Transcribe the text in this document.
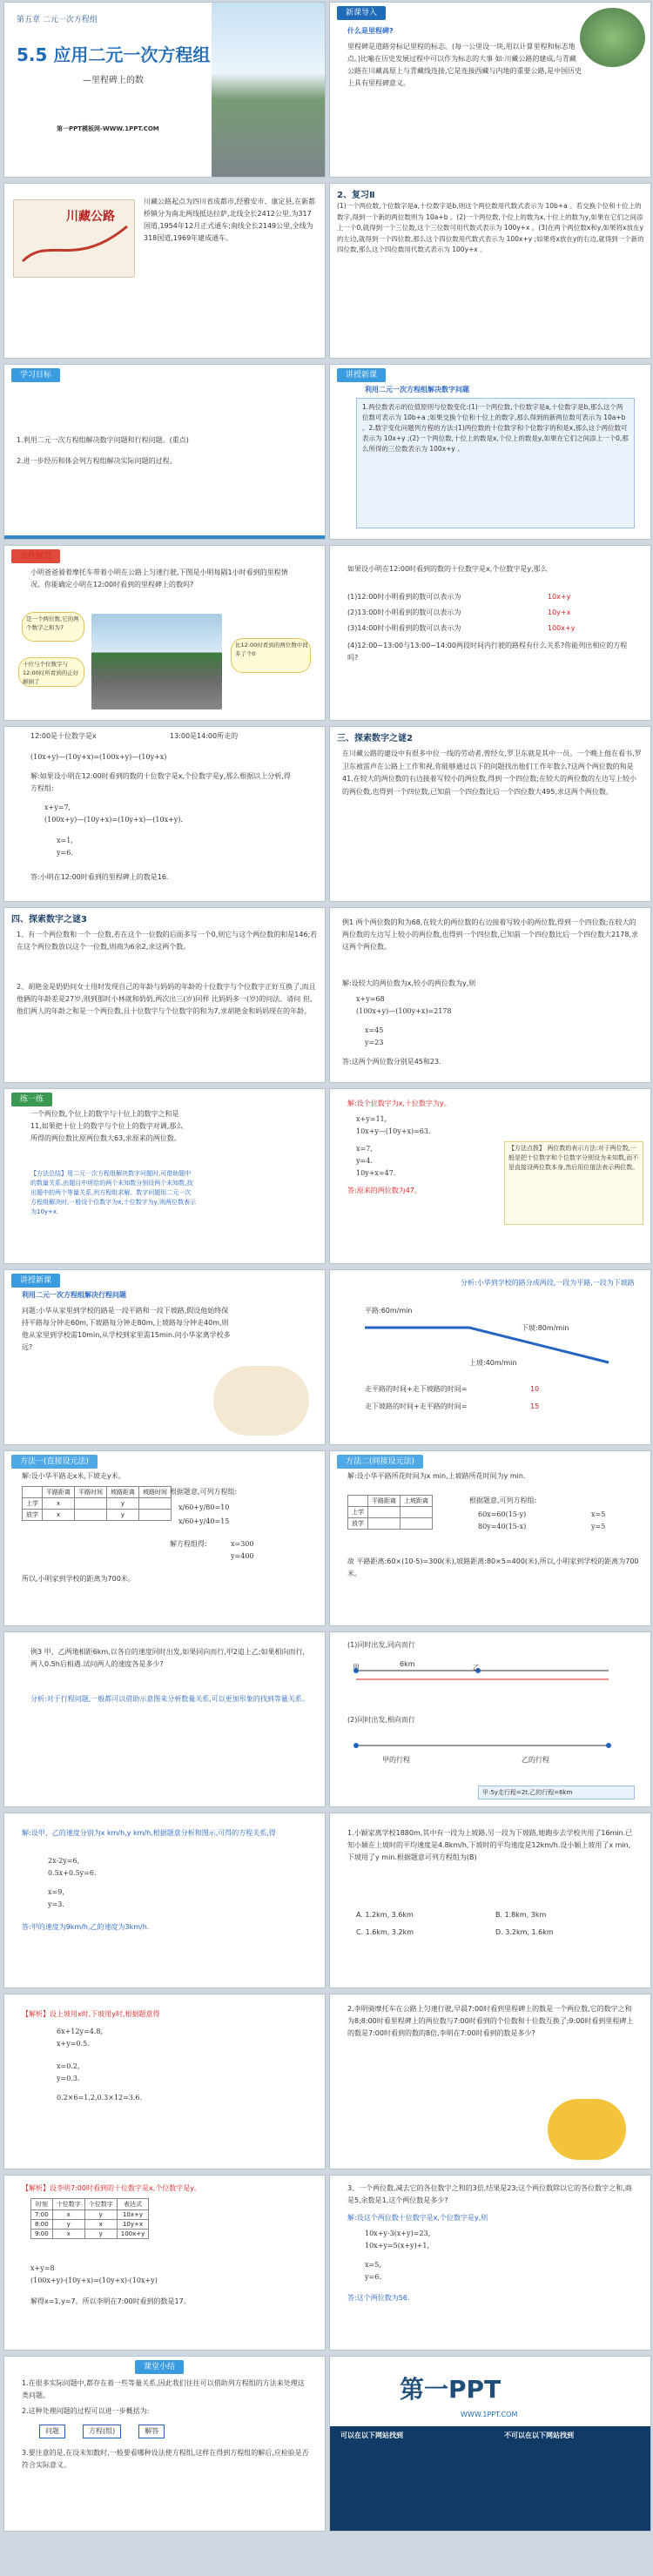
第五章 二元一次方程组
5.5 应用二元一次方程组
—里程碑上的数
第一PPT模板网-WWW.1PPT.COM
新课导入
什么是里程碑?
里程碑是道路旁标记里程的标志。(每一公里设一块,用以计算里程和标志地点。)比喻在历史发展过程中可以作为标志的大事 如:川藏公路的建成,与青藏公路在川藏高原上与青藏线连接,它是连接西藏与内地的重要公路,是中国历史上具有里程碑意义。
川藏公路
川藏公路起点为四川省成都市,经雅安市、康定县,在新都桥镇分为南北两线抵达拉萨,北线全长2412公里,为317国道,1954年12月正式通车;南线全长2149公里,全线为318国道,1969年建成通车。
2、复习Ⅱ
(1)一个两位数,个位数字是a,十位数字是b,则这个两位数用代数式表示为 10b+a 。若交换个位和十位上的数字,得到一个新的两位数则为 10a+b 。(2)一个两位数,个位上的数为x,十位上的数为y,如果在它们之间添上一个0,就得到一个三位数,这个三位数可用代数式表示为 100y+x 。(3)在两个两位数x和y,如果将x放在y的左边,就得到一个四位数,那么这个四位数用代数式表示为 100x+y ;如果将x放在y的右边,就得到一个新的四位数,那么这个四位数用代数式表示为 100y+x 。
学习目标
1.利用二元一次方程组解决数字问题和行程问题。(重点)
2.进一步经历和体会列方程组解决实际问题的过程。
讲授新课
利用二元一次方程组解决数字问题
1.两位数表示的位值原则与位数变化:(1)一个两位数,个位数字是a,十位数字是b,那么这个两位数可表示为 10b+a ;如果交换个位和十位上的数字,那么得到的新两位数可表示为 10a+b 。2.数字变化问题列方程的方法:(1)两位数的十位数字和个位数字的和是x,那么这个两位数可表示为 10x+y ;(2)一个两位数,十位上的数是x,个位上的数是y,如果在它们之间添上一个0,那么所得的三位数表示为 100x+y 。
合作探究
小明爸爸骑着摩托车带着小明在公路上匀速行驶,下图是小明每隔1小时看到的里程情况。你能确定小明在12:00时看到的里程碑上的数吗?
是一个两位数,它的两个数字之和为7
十位与个位数字与12:00时所看到的正好颠倒了
比12:00时看到的两位数中间多了个0
如果设小明在12:00时看到的数的十位数字是x,个位数字是y,那么
(1)12:00时小明看到的数可以表示为	10x+y
(2)13:00时小明看到的数可以表示为	10y+x
(3)14:00时小明看到的数可以表示为	100x+y
(4)12:00~13:00与13:00~14:00两段时间内行驶的路程有什么关系?你能列出相应的方程吗?
12:00是十位数字是x	13:00是14:00所走的
(10x+y)—(10y+x)=(100x+y)—(10y+x)
解:如果设小明在12:00时看到的数的十位数字是x,个位数字是y,那么根据以上分析,得方程组:
x+y=7,
(100x+y)—(10y+x)=(10y+x)—(10x+y).
x=1,
y=6.
答:小明在12:00时看到的里程碑上的数是16.
三、探索数字之谜2
在川藏公路的建设中有很多中位一线的劳动者,曾经女,罗卫东就是其中一员。一个晚上他在看书,罗卫东被雷声在公路上工作和视,你能够通过以下的问题找出他们工作年数么?这两个两位数的和是41,在较大的两位数的右边接着写较小的两位数,得到一个四位数;在较大的两位数的左边写上较小的两位数,也得到一个四位数,已知前一个四位数比后一个四位数大495,求这两个两位数。
四、探索数字之谜3
1、有一个两位数和一个一位数,若在这个一位数的后面多写一个0,则它与这个两位数的和是146;若在这个两位数放以这个一位数,则商为6余2,求这两个数。
2、胡艳金是奶奶问女士用时发现自己的年龄与妈妈的年龄的十位数字与个位数字正好互换了,而且他俩的年龄差是27岁,则到那时小林就和奶奶,两次出三(岁)同样 比妈妈多一(岁)的问法。请问 但,他们两人的年龄之和是一个两位数,且十位数字与个位数字的和为7,求胡艳金和妈妈现在的年龄。
例1 两个两位数的和为68,在较大的两位数的右边接着写较小的两位数,得到一个四位数;在较大的两位数的左边写上较小的两位数,也得到一个四位数,已知前一个四位数比后一个四位数大2178,求这两个两位数。
解:设较大的两位数为x,较小的两位数为y,则
x+y=68
(100x+y)—(100y+x)=2178
x=45
y=23
答:这两个两位数分别是45和23.
练一练
一个两位数,个位上的数字与十位上的数字之和是11,如果把十位上的数字与个位上的数字对调,那么所得的两位数比原两位数大63,求原来的两位数。
【方法总结】用二元一次方程组解决数字问题时,可借助题中的数量关系,由题目中所给的两个未知数分别设两个未知数,找出题中的两个等量关系,列方程组求解。数字问题用二元一次方程组解决时,一般设个位数字为x,十位数字为y,则两位数表示为10y+x.
解:设个位数字为x,十位数字为y。
x+y=11,
10x+y—(10y+x)=63.
x=7,
y=4.
10y+x=47.
答:原来的两位数为47。
【方法点拨】 两位数的表示方法:对于两位数,一般是把十位数字和个位数字分别设为未知数,而不是直接设两位数本身,然后用位值法表示两位数。
讲授新课
利用二元一次方程组解决行程问题
问题:小华从家里到学校的路是一段平路和一段下坡路,假设他始终保持平路每分钟走60m,下坡路每分钟走80m,上坡路每分钟走40m,则他从家里到学校需10min,从学校到家里需15min.问小华家离学校多远?
分析:小华到学校的路分成两段,一段为平路,一段为下坡路
平路:60m/min
下坡:80m/min
上坡:40m/min
走平路的时间+走下坡路的时间=	10
走下坡路的时间+走平路的时间=	15
方法一(直接设元法)
解:设小华平路走x米,下坡走y米。
	平路距离	平路时间	坡路距离	坡路时间
上学	x		y	
放学	x		y	
根据题意,可列方程组:
x/60+y/80=10
x/60+y/40=15
解方程组得:	x=300
y=400
所以,小明家到学校的距离为700米。
方法二(间接设元法)
解:设小华平路所花时间为x min,上坡路所花时间为y min.
	平路距离	上坡距离
上学		
放学		
根据题意,可列方程组:
60x=60(15-y)
80y=40(15-x)
x=5
y=5
故 平路距离:60×(10-5)=300(米),坡路距离:80×5=400(米),所以,小明家到学校的距离为700米。
例3 甲、乙两地相距6km,以各自的速度同时出发,如果同向而行,甲2追上乙;如果相向而行,两人0.5h后相遇.试问两人的速度各是多少?
分析:对于行程问题,一般都可以借助示意图来分析数量关系,可以更加形象的找到等量关系。
(1)同时出发,同向而行
甲	乙
6km
(2)同时出发,相向而行
甲的行程	乙的行程
甲:5y走行程=2t,乙的行程=6km
解:设甲、乙的速度分别为x km/h,y km/h,根据题意分析和图示,可得的方程关系,得
2x-2y=6,
0.5x+0.5y=6.
x=9,
y=3.
答:甲的速度为9km/h,乙的速度为3km/h.
1.小颖家离学校1880m,其中有一段为上坡路,另一段为下坡路,她跑步去学校共用了16min.已知小颖在上坡时的平均速度是4.8km/h,下坡时的平均速度是12km/h.设小颖上坡用了x min,下坡用了y min.根据题意可列方程组为(B)
A. 1.2km, 3.6km	B. 1.8km, 3km
C. 1.6km, 3.2km	D. 3.2km, 1.6km
【解析】设上坡用x时,下坡用y时,根据题意得
6x+12y=4.8,
x+y=0.5.
x=0.2,
y=0.3.
0.2×6=1.2,0.3×12=3.6.
2.李明骑摩托车在公路上匀速行驶,早晨7:00时看到里程碑上的数是一个两位数,它的数字之和为8;8:00时看里程碑上的两位数与7:00时看到的个位数和十位数互换了;9:00时看到里程碑上的数是7:00时看到的数的8倍,李明在7:00时看到的数是多少?
【解析】设李明7:00时看到的十位数字是x,个位数字是y。
时刻	十位数字	个位数字	表达式
7:00	x	y	10x+y
8:00	y	x	10y+x
9:00	x	y	100x+y
x+y=8
(100x+y)-(10y+x)=(10y+x)-(10x+y)
解得x=1,y=7。所以李明在7:00时看到的数是17。
3、一个两位数,减去它的各位数字之和的3倍,结果是23;这个两位数除以它的各位数字之和,商是5,余数是1,这个两位数是多少?
解:设这个两位数十位数字是x,个位数字是y,则
10x+y-3(x+y)=23,
10x+y=5(x+y)+1,
x=5,
y=6.
答:这个两位数为56.
课堂小结
1.在很多实际问题中,都存在着一些等量关系,因此我们往往可以借助列方程组的方法来处理这类问题。
2.这种处理问题的过程可以进一步概括为:
问题	方程(组)	解答
3.要注意的是,在设未知数时,一般要看哪种设法使方程组,这样在得到方程组的解后,应检验是否符合实际意义。
第一PPT
WWW.1PPT.COM
可以在以下网站找到	不可以在以下网站找到
